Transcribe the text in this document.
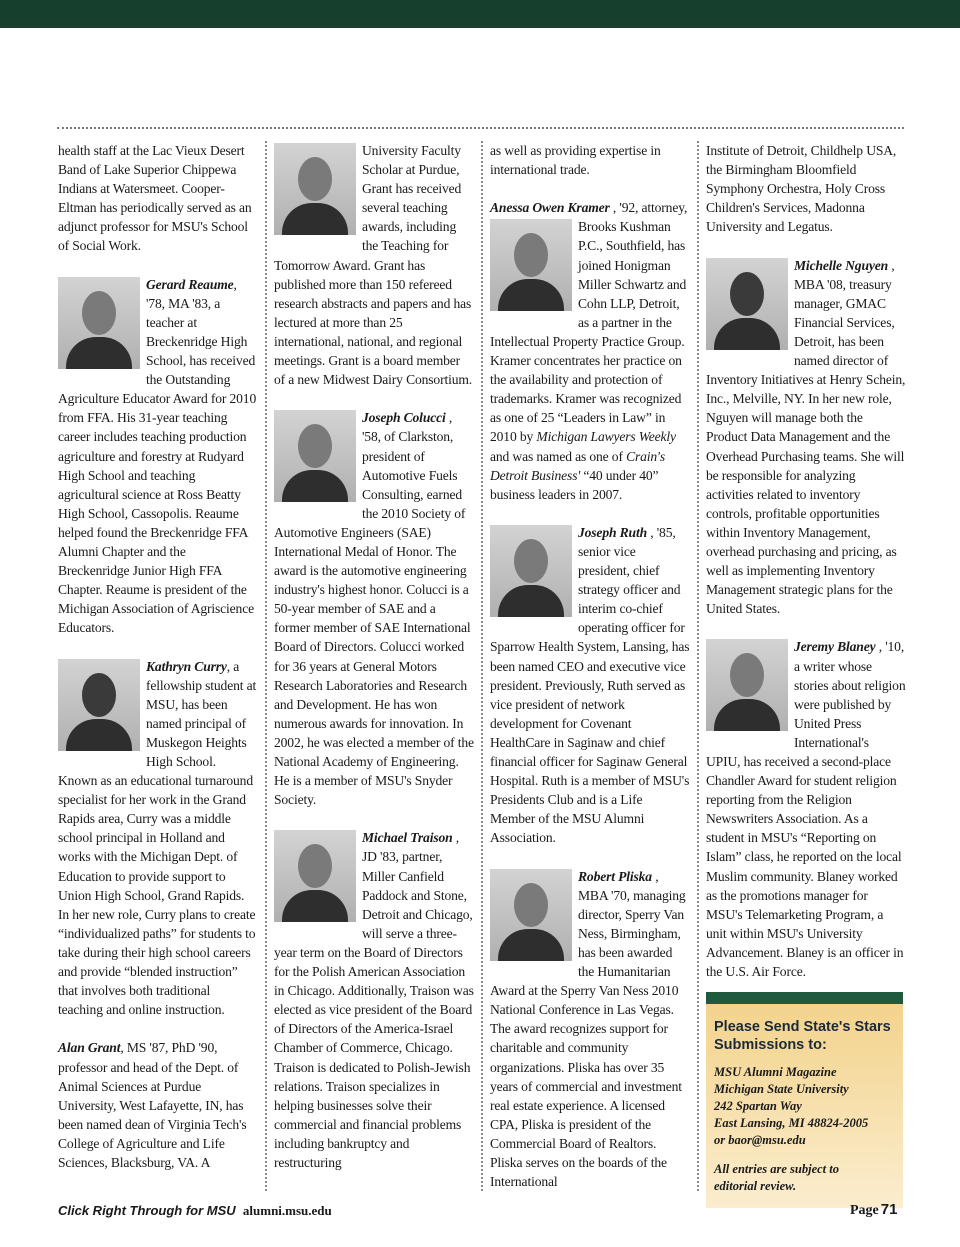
health staff at the Lac Vieux Desert Band of Lake Superior Chippewa Indians at Watersmeet. Cooper-Eltman has periodically served as an adjunct professor for MSU's School of Social Work.

Gerard Reaume, '78, MA '83, a teacher at Breckenridge High School, has received the Outstanding Agriculture Educator Award for 2010 from FFA. His 31-year teaching career includes teaching production agriculture and forestry at Rudyard High School and teaching agricultural science at Ross Beatty High School, Cassopolis. Reaume helped found the Breckenridge FFA Alumni Chapter and the Breckenridge Junior High FFA Chapter. Reaume is president of the Michigan Association of Agriscience Educators.

Kathryn Curry, a fellowship student at MSU, has been named principal of Muskegon Heights High School. Known as an educational turnaround specialist for her work in the Grand Rapids area, Curry was a middle school principal in Holland and works with the Michigan Dept. of Education to provide support to Union High School, Grand Rapids. In her new role, Curry plans to create “individualized paths” for students to take during their high school careers and provide “blended instruction” that involves both traditional teaching and online instruction.

Alan Grant, MS '87, PhD '90, professor and head of the Dept. of Animal Sciences at Purdue University, West Lafayette, IN, has been named dean of Virginia Tech's College of Agriculture and Life Sciences, Blacksburg, VA. A

University Faculty Scholar at Purdue, Grant has received several teaching awards, including the Teaching for Tomorrow Award. Grant has published more than 150 refereed research abstracts and papers and has lectured at more than 25 international, national, and regional meetings. Grant is a board member of a new Midwest Dairy Consortium.

Joseph Colucci , '58, of Clarkston, president of Automotive Fuels Consulting, earned the 2010 Society of Automotive Engineers (SAE) International Medal of Honor. The award is the automotive engineering industry's highest honor. Colucci is a 50-year member of SAE and a former member of SAE International Board of Directors. Colucci worked for 36 years at General Motors Research Laboratories and Research and Development. He has won numerous awards for innovation. In 2002, he was elected a member of the National Academy of Engineering. He is a member of MSU's Snyder Society.

Michael Traison , JD '83, partner, Miller Canfield Paddock and Stone, Detroit and Chicago, will serve a three-year term on the Board of Directors for the Polish American Association in Chicago. Additionally, Traison was elected as vice president of the Board of Directors of the America-Israel Chamber of Commerce, Chicago. Traison is dedicated to Polish-Jewish relations. Traison specializes in helping businesses solve their commercial and financial problems including bankruptcy and restructuring

as well as providing expertise in international trade.

Anessa Owen Kramer , '92, attorney, Brooks Kushman P.C., Southfield, has joined Honigman Miller Schwartz and Cohn LLP, Detroit, as a partner in the Intellectual Property Practice Group. Kramer concentrates her practice on the availability and protection of trademarks. Kramer was recognized as one of 25 “Leaders in Law” in 2010 by Michigan Lawyers Weekly and was named as one of Crain's Detroit Business' “40 under 40” business leaders in 2007.

Joseph Ruth , '85, senior vice president, chief strategy officer and interim co-chief operating officer for Sparrow Health System, Lansing, has been named CEO and executive vice president. Previously, Ruth served as vice president of network development for Covenant HealthCare in Saginaw and chief financial officer for Saginaw General Hospital. Ruth is a member of MSU's Presidents Club and is a Life Member of the MSU Alumni Association.

Robert Pliska , MBA '70, managing director, Sperry Van Ness, Birmingham, has been awarded the Humanitarian Award at the Sperry Van Ness 2010 National Conference in Las Vegas. The award recognizes support for charitable and community organizations. Pliska has over 35 years of commercial and investment real estate experience. A licensed CPA, Pliska is president of the Commercial Board of Realtors. Pliska serves on the boards of the International

Institute of Detroit, Childhelp USA, the Birmingham Bloomfield Symphony Orchestra, Holy Cross Children's Services, Madonna University and Legatus.

Michelle Nguyen , MBA '08, treasury manager, GMAC Financial Services, Detroit, has been named director of Inventory Initiatives at Henry Schein, Inc., Melville, NY. In her new role, Nguyen will manage both the Product Data Management and the Overhead Purchasing teams. She will be responsible for analyzing activities related to inventory controls, profitable opportunities within Inventory Management, overhead purchasing and pricing, as well as implementing Inventory Management strategic plans for the United States.

Jeremy Blaney , '10, a writer whose stories about religion were published by United Press International's UPIU, has received a second-place Chandler Award for student religion reporting from the Religion Newswriters Association. As a student in MSU's “Reporting on Islam” class, he reported on the local Muslim community. Blaney worked as the promotions manager for MSU's Telemarketing Program, a unit within MSU's University Advancement. Blaney is an officer in the U.S. Air Force.

Please Send State's Stars
Submissions to:
MSU Alumni Magazine
Michigan State University
242 Spartan Way
East Lansing, MI 48824-2005
or baor@msu.edu
All entries are subject to
editorial review.
Click Right Through for MSU alumni.msu.edu	Page 71
